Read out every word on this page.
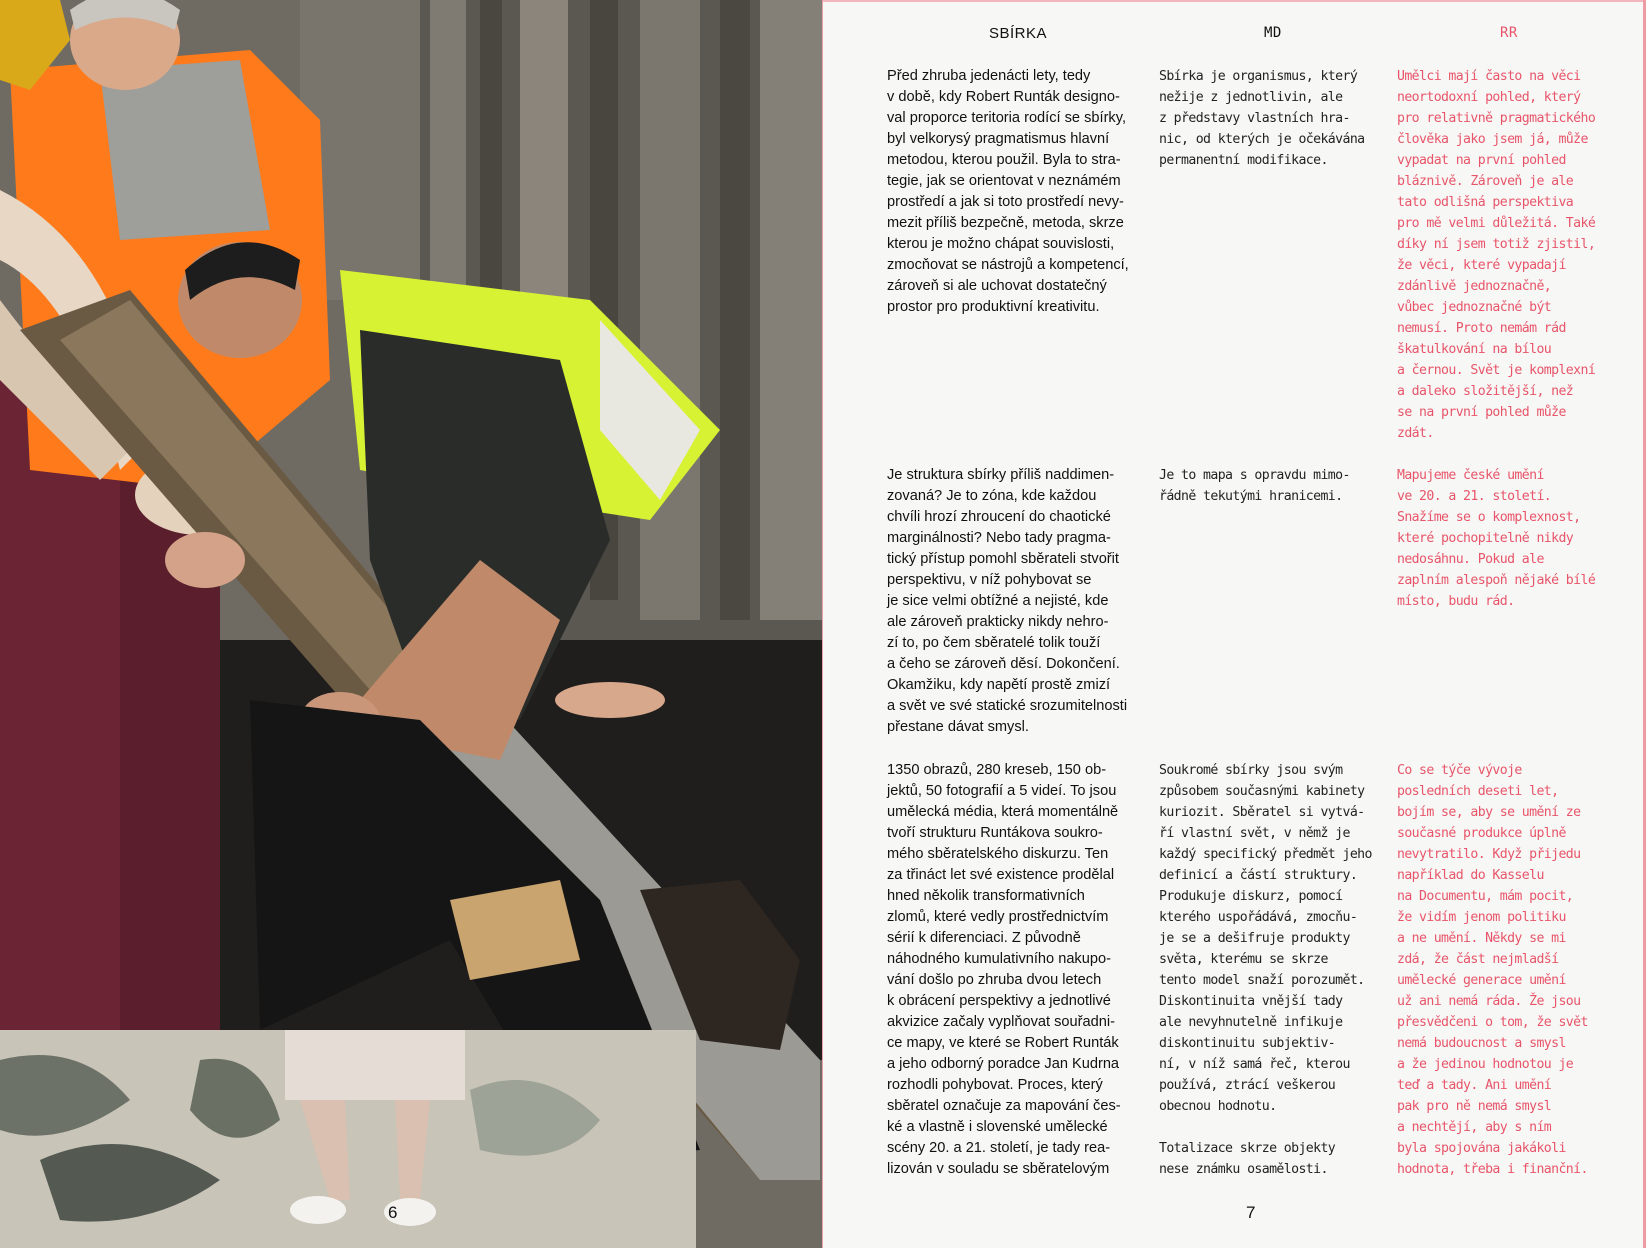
6
SBÍRKA	MD	RR

Před zhruba jedenácti lety, tedy
v době, kdy Robert Runták designo-
val proporce teritoria rodící se sbírky,
byl velkorysý pragmatismus hlavní
metodou, kterou použil. Byla to stra-
tegie, jak se orientovat v neznámém
prostředí a jak si toto prostředí nevy-
mezit příliš bezpečně, metoda, skrze
kterou je možno chápat souvislosti,
zmocňovat se nástrojů a kompetencí,
zároveň si ale uchovat dostatečný
prostor pro produktivní kreativitu.

Sbírka je organismus, který
nežije z jednotlivin, ale
z představy vlastních hra-
nic, od kterých je očekávána
permanentní modifikace.

Umělci mají často na věci
neortodoxní pohled, který
pro relativně pragmatického
člověka jako jsem já, může
vypadat na první pohled
bláznivě. Zároveň je ale
tato odlišná perspektiva
pro mě velmi důležitá. Také
díky ní jsem totiž zjistil,
že věci, které vypadají
zdánlivě jednoznačně,
vůbec jednoznačné být
nemusí. Proto nemám rád
škatulkování na bílou
a černou. Svět je komplexní
a daleko složitější, než
se na první pohled může
zdát.

Je struktura sbírky příliš naddimen-
zovaná? Je to zóna, kde každou
chvíli hrozí zhroucení do chaotické
marginálnosti? Nebo tady pragma-
tický přístup pomohl sběrateli stvořit
perspektivu, v níž pohybovat se
je sice velmi obtížné a nejisté, kde
ale zároveň prakticky nikdy nehro-
zí to, po čem sběratelé tolik touží
a čeho se zároveň děsí. Dokončení.
Okamžiku, kdy napětí prostě zmizí
a svět ve své statické srozumitelnosti
přestane dávat smysl.

Je to mapa s opravdu mimo-
řádně tekutými hranicemi.

Mapujeme české umění
ve 20. a 21. století.
Snažíme se o komplexnost,
které pochopitelně nikdy
nedosáhnu. Pokud ale
zaplním alespoň nějaké bílé
místo, budu rád.

1350 obrazů, 280 kreseb, 150 ob-
jektů, 50 fotografií a 5 videí. To jsou
umělecká média, která momentálně
tvoří strukturu Runtákova soukro-
mého sběratelského diskurzu. Ten
za třináct let své existence prodělal
hned několik transformativních
zlomů, které vedly prostřednictvím
sérií k diferenciaci. Z původně
náhodného kumulativního nakupo-
vání došlo po zhruba dvou letech
k obrácení perspektivy a jednotlivé
akvizice začaly vyplňovat souřadni-
ce mapy, ve které se Robert Runták
a jeho odborný poradce Jan Kudrna
rozhodli pohybovat. Proces, který
sběratel označuje za mapování čes-
ké a vlastně i slovenské umělecké
scény 20. a 21. století, je tady rea-
lizován v souladu se sběratelovým

Soukromé sbírky jsou svým
způsobem současnými kabinety
kuriozit. Sběratel si vytvá-
ří vlastní svět, v němž je
každý specifický předmět jeho
definicí a částí struktury.
Produkuje diskurz, pomocí
kterého uspořádává, zmocňu-
je se a dešifruje produkty
světa, kterému se skrze
tento model snaží porozumět.
Diskontinuita vnější tady
ale nevyhnutelně infikuje
diskontinuitu subjektiv-
ní, v níž samá řeč, kterou
používá, ztrácí veškerou
obecnou hodnotu.

Totalizace skrze objekty
nese známku osamělosti.

Co se týče vývoje
posledních deseti let,
bojím se, aby se umění ze
současné produkce úplně
nevytratilo. Když přijedu
například do Kasselu
na Documentu, mám pocit,
že vidím jenom politiku
a ne umění. Někdy se mi
zdá, že část nejmladší
umělecké generace umění
už ani nemá ráda. Že jsou
přesvědčeni o tom, že svět
nemá budoucnost a smysl
a že jedinou hodnotou je
teď a tady. Ani umění
pak pro ně nemá smysl
a nechtějí, aby s ním
byla spojována jakákoli
hodnota, třeba i finanční.

7
